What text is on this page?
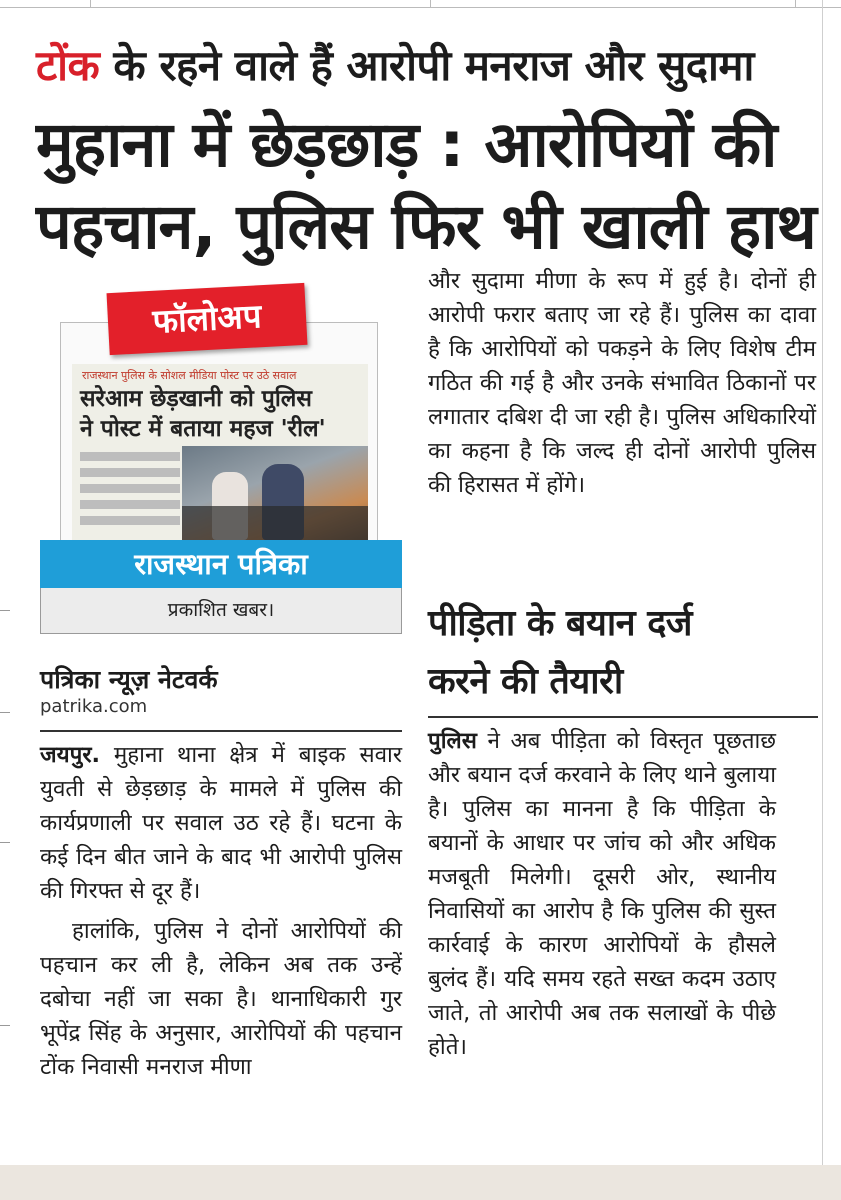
टोंक के रहने वाले हैं आरोपी मनराज और सुदामा
मुहाना में छेड़छाड़ : आरोपियों की
पहचान, पुलिस फिर भी खाली हाथ
राजस्थान पुलिस के सोशल मीडिया पोस्ट पर उठे सवाल
सरेआम छेड़खानी को पुलिस
ने पोस्ट में बताया महज 'रील'
फॉलोअप
राजस्थान पत्रिका
प्रकाशित खबर।
पत्रिका न्यूज़ नेटवर्क
patrika.com

जयपुर. मुहाना थाना क्षेत्र में बाइक सवार युवती से छेड़छाड़ के मामले में पुलिस की कार्यप्रणाली पर सवाल उठ रहे हैं। घटना के कई दिन बीत जाने के बाद भी आरोपी पुलिस की गिरफ्त से दूर हैं।

हालांकि, पुलिस ने दोनों आरोपियों की पहचान कर ली है, लेकिन अब तक उन्हें दबोचा नहीं जा सका है। थानाधिकारी गुर भूपेंद्र सिंह के अनुसार, आरोपियों की पहचान टोंक निवासी मनराज मीणा

और सुदामा मीणा के रूप में हुई है। दोनों ही आरोपी फरार बताए जा रहे हैं। पुलिस का दावा है कि आरोपियों को पकड़ने के लिए विशेष टीम गठित की गई है और उनके संभावित ठिकानों पर लगातार दबिश दी जा रही है। पुलिस अधिकारियों का कहना है कि जल्द ही दोनों आरोपी पुलिस की हिरासत में होंगे।

पीड़िता के बयान दर्ज
करने की तैयारी

पुलिस ने अब पीड़िता को विस्तृत पूछताछ और बयान दर्ज करवाने के लिए थाने बुलाया है। पुलिस का मानना है कि पीड़िता के बयानों के आधार पर जांच को और अधिक मजबूती मिलेगी। दूसरी ओर, स्थानीय निवासियों का आरोप है कि पुलिस की सुस्त कार्रवाई के कारण आरोपियों के हौसले बुलंद हैं। यदि समय रहते सख्त कदम उठाए जाते, तो आरोपी अब तक सलाखों के पीछे होते।
